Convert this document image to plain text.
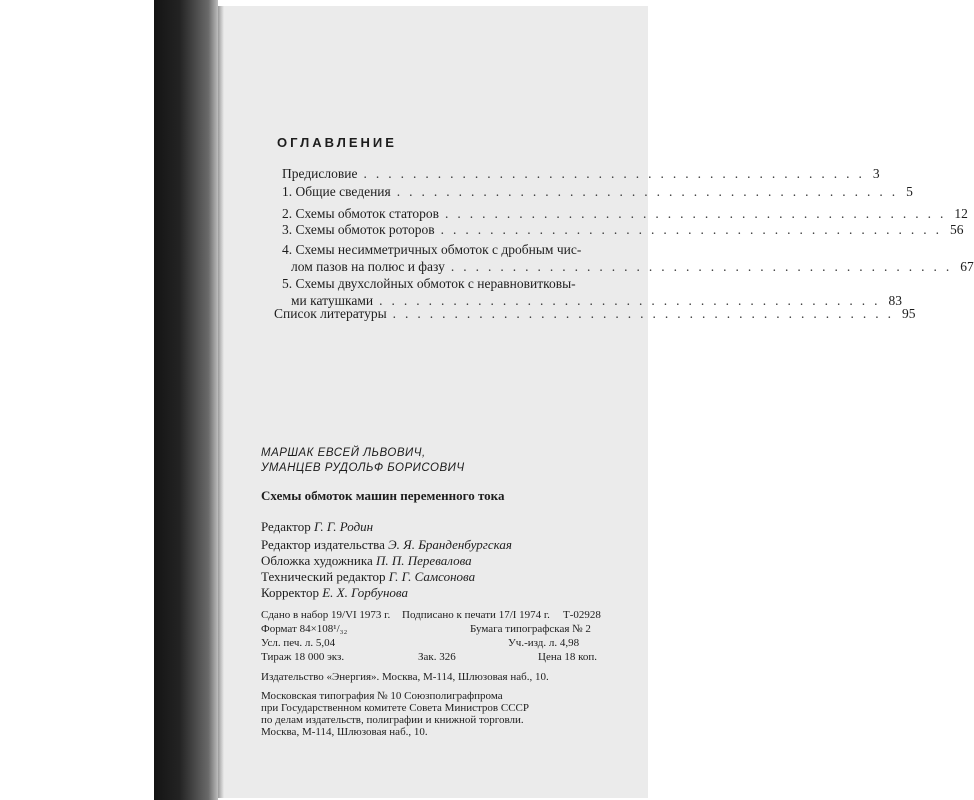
ОГЛАВЛЕНИЕ
Предисловие ......................................... 3
1. Общие сведения ......................................... 5
2. Схемы обмоток статоров ......................................... 12
3. Схемы обмоток роторов ......................................... 56
4. Схемы несимметричных обмоток с дробным чис-
лом пазов на полюс и фазу ......................................... 67
5. Схемы двухслойных обмоток с неравновитковы-
ми катушками ......................................... 83
Список литературы ......................................... 95
МАРШАК ЕВСЕЙ ЛЬВОВИЧ,
УМАНЦЕВ РУДОЛЬФ БОРИСОВИЧ
Схемы обмоток машин переменного тока
Редактор Г. Г. Родин
Редактор издательства Э. Я. Бранденбургская
Обложка художника П. П. Перевалова
Технический редактор Г. Г. Самсонова
Корректор Е. Х. Горбунова
Сдано в набор 19/VI 1973 г. Подписано к печати 17/I 1974 г. Т-02928
Формат 84×108¹/₃₂	Бумага типографская № 2
Усл. печ. л. 5,04	Уч.-изд. л. 4,98
Тираж 18 000 экз.	Зак. 326	Цена 18 коп.
Издательство «Энергия». Москва, М-114, Шлюзовая наб., 10.
Московская типография № 10 Союзполиграфпрома
при Государственном комитете Совета Министров СССР
по делам издательств, полиграфии и книжной торговли.
Москва, М-114, Шлюзовая наб., 10.
